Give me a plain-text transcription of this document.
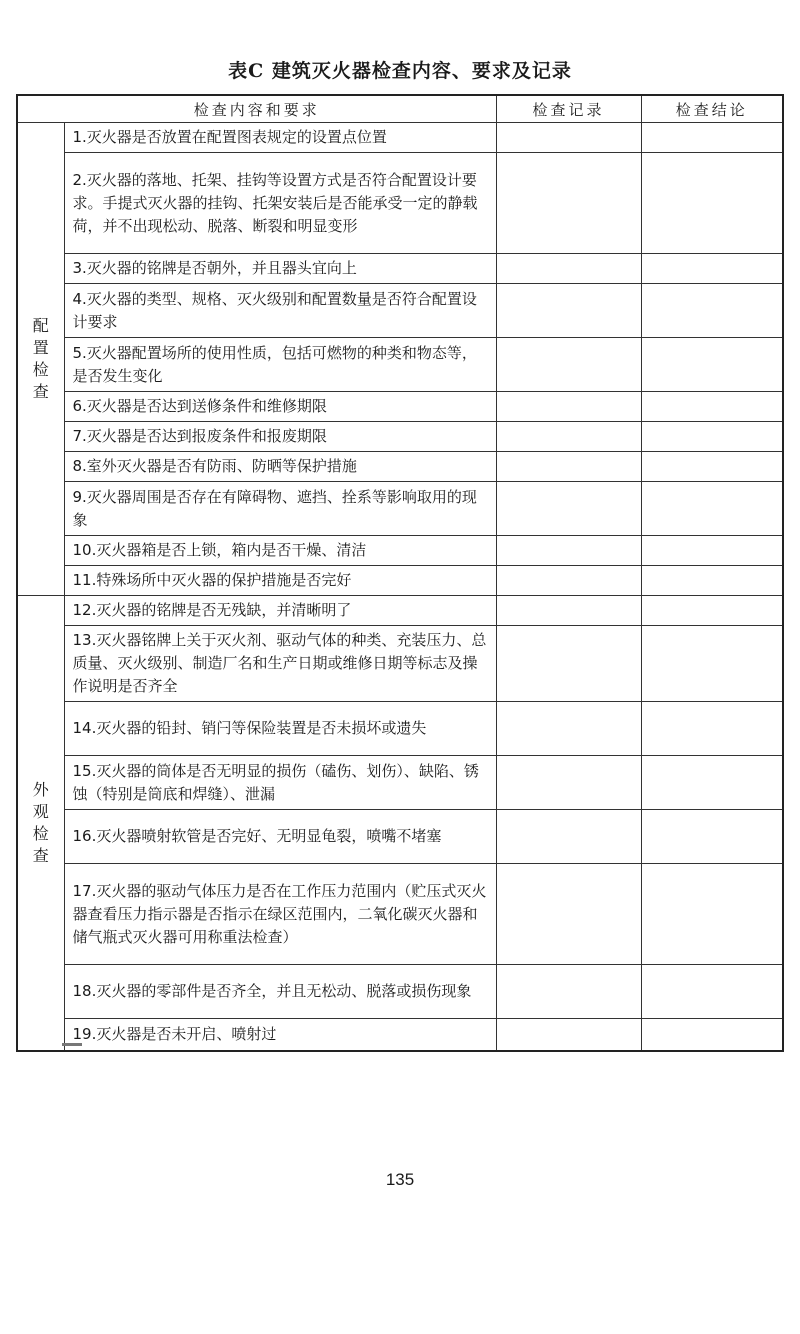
表C 建筑灭火器检查内容、要求及记录
检查内容和要求		检查记录	检查结论
配置检查	1.灭火器是否放置在配置图表规定的设置点位置		
	2.灭火器的落地、托架、挂钩等设置方式是否符合配置设计要求。手提式灭火器的挂钩、托架安装后是否能承受一定的静载荷，并不出现松动、脱落、断裂和明显变形		
	3.灭火器的铭牌是否朝外，并且器头宜向上		
	4.灭火器的类型、规格、灭火级别和配置数量是否符合配置设计要求		
	5.灭火器配置场所的使用性质，包括可燃物的种类和物态等，是否发生变化		
	6.灭火器是否达到送修条件和维修期限		
	7.灭火器是否达到报废条件和报废期限		
	8.室外灭火器是否有防雨、防晒等保护措施		
	9.灭火器周围是否存在有障碍物、遮挡、拴系等影响取用的现象		
	10.灭火器箱是否上锁，箱内是否干燥、清洁		
	11.特殊场所中灭火器的保护措施是否完好		
外观检查	12.灭火器的铭牌是否无残缺，并清晰明了		
	13.灭火器铭牌上关于灭火剂、驱动气体的种类、充装压力、总质量、灭火级别、制造厂名和生产日期或维修日期等标志及操作说明是否齐全		
	14.灭火器的铅封、销闩等保险装置是否未损坏或遗失		
	15.灭火器的筒体是否无明显的损伤（磕伤、划伤）、缺陷、锈蚀（特别是筒底和焊缝）、泄漏		
	16.灭火器喷射软管是否完好、无明显龟裂，喷嘴不堵塞		
	17.灭火器的驱动气体压力是否在工作压力范围内（贮压式灭火器查看压力指示器是否指示在绿区范围内，二氧化碳灭火器和储气瓶式灭火器可用称重法检查）		
	18.灭火器的零部件是否齐全，并且无松动、脱落或损伤现象		
	19.灭火器是否未开启、喷射过		
135
